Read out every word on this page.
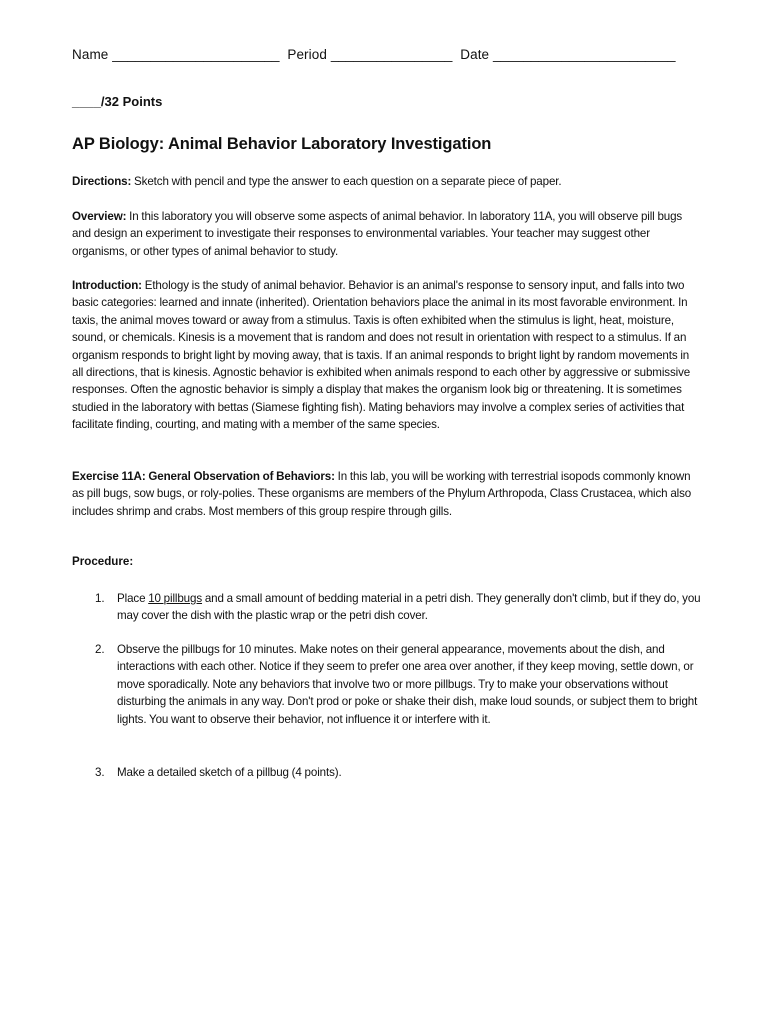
Name ______________________  Period ________________  Date ________________________
____/32 Points
AP Biology: Animal Behavior Laboratory Investigation
Directions: Sketch with pencil and type the answer to each question on a separate piece of paper.
Overview: In this laboratory you will observe some aspects of animal behavior. In laboratory 11A, you will observe pill bugs and design an experiment to investigate their responses to environmental variables. Your teacher may suggest other organisms, or other types of animal behavior to study.
Introduction: Ethology is the study of animal behavior. Behavior is an animal's response to sensory input, and falls into two basic categories: learned and innate (inherited). Orientation behaviors place the animal in its most favorable environment. In taxis, the animal moves toward or away from a stimulus. Taxis is often exhibited when the stimulus is light, heat, moisture, sound, or chemicals. Kinesis is a movement that is random and does not result in orientation with respect to a stimulus. If an organism responds to bright light by moving away, that is taxis. If an animal responds to bright light by random movements in all directions, that is kinesis. Agnostic behavior is exhibited when animals respond to each other by aggressive or submissive responses. Often the agnostic behavior is simply a display that makes the organism look big or threatening. It is sometimes studied in the laboratory with bettas (Siamese fighting fish). Mating behaviors may involve a complex series of activities that facilitate finding, courting, and mating with a member of the same species.
Exercise 11A: General Observation of Behaviors: In this lab, you will be working with terrestrial isopods commonly known as pill bugs, sow bugs, or roly-polies. These organisms are members of the Phylum Arthropoda, Class Crustacea, which also includes shrimp and crabs. Most members of this group respire through gills.
Procedure:
1. Place 10 pillbugs and a small amount of bedding material in a petri dish. They generally don't climb, but if they do, you may cover the dish with the plastic wrap or the petri dish cover.
2. Observe the pillbugs for 10 minutes. Make notes on their general appearance, movements about the dish, and interactions with each other. Notice if they seem to prefer one area over another, if they keep moving, settle down, or move sporadically. Note any behaviors that involve two or more pillbugs. Try to make your observations without disturbing the animals in any way. Don't prod or poke or shake their dish, make loud sounds, or subject them to bright lights. You want to observe their behavior, not influence it or interfere with it.
3. Make a detailed sketch of a pillbug (4 points).
